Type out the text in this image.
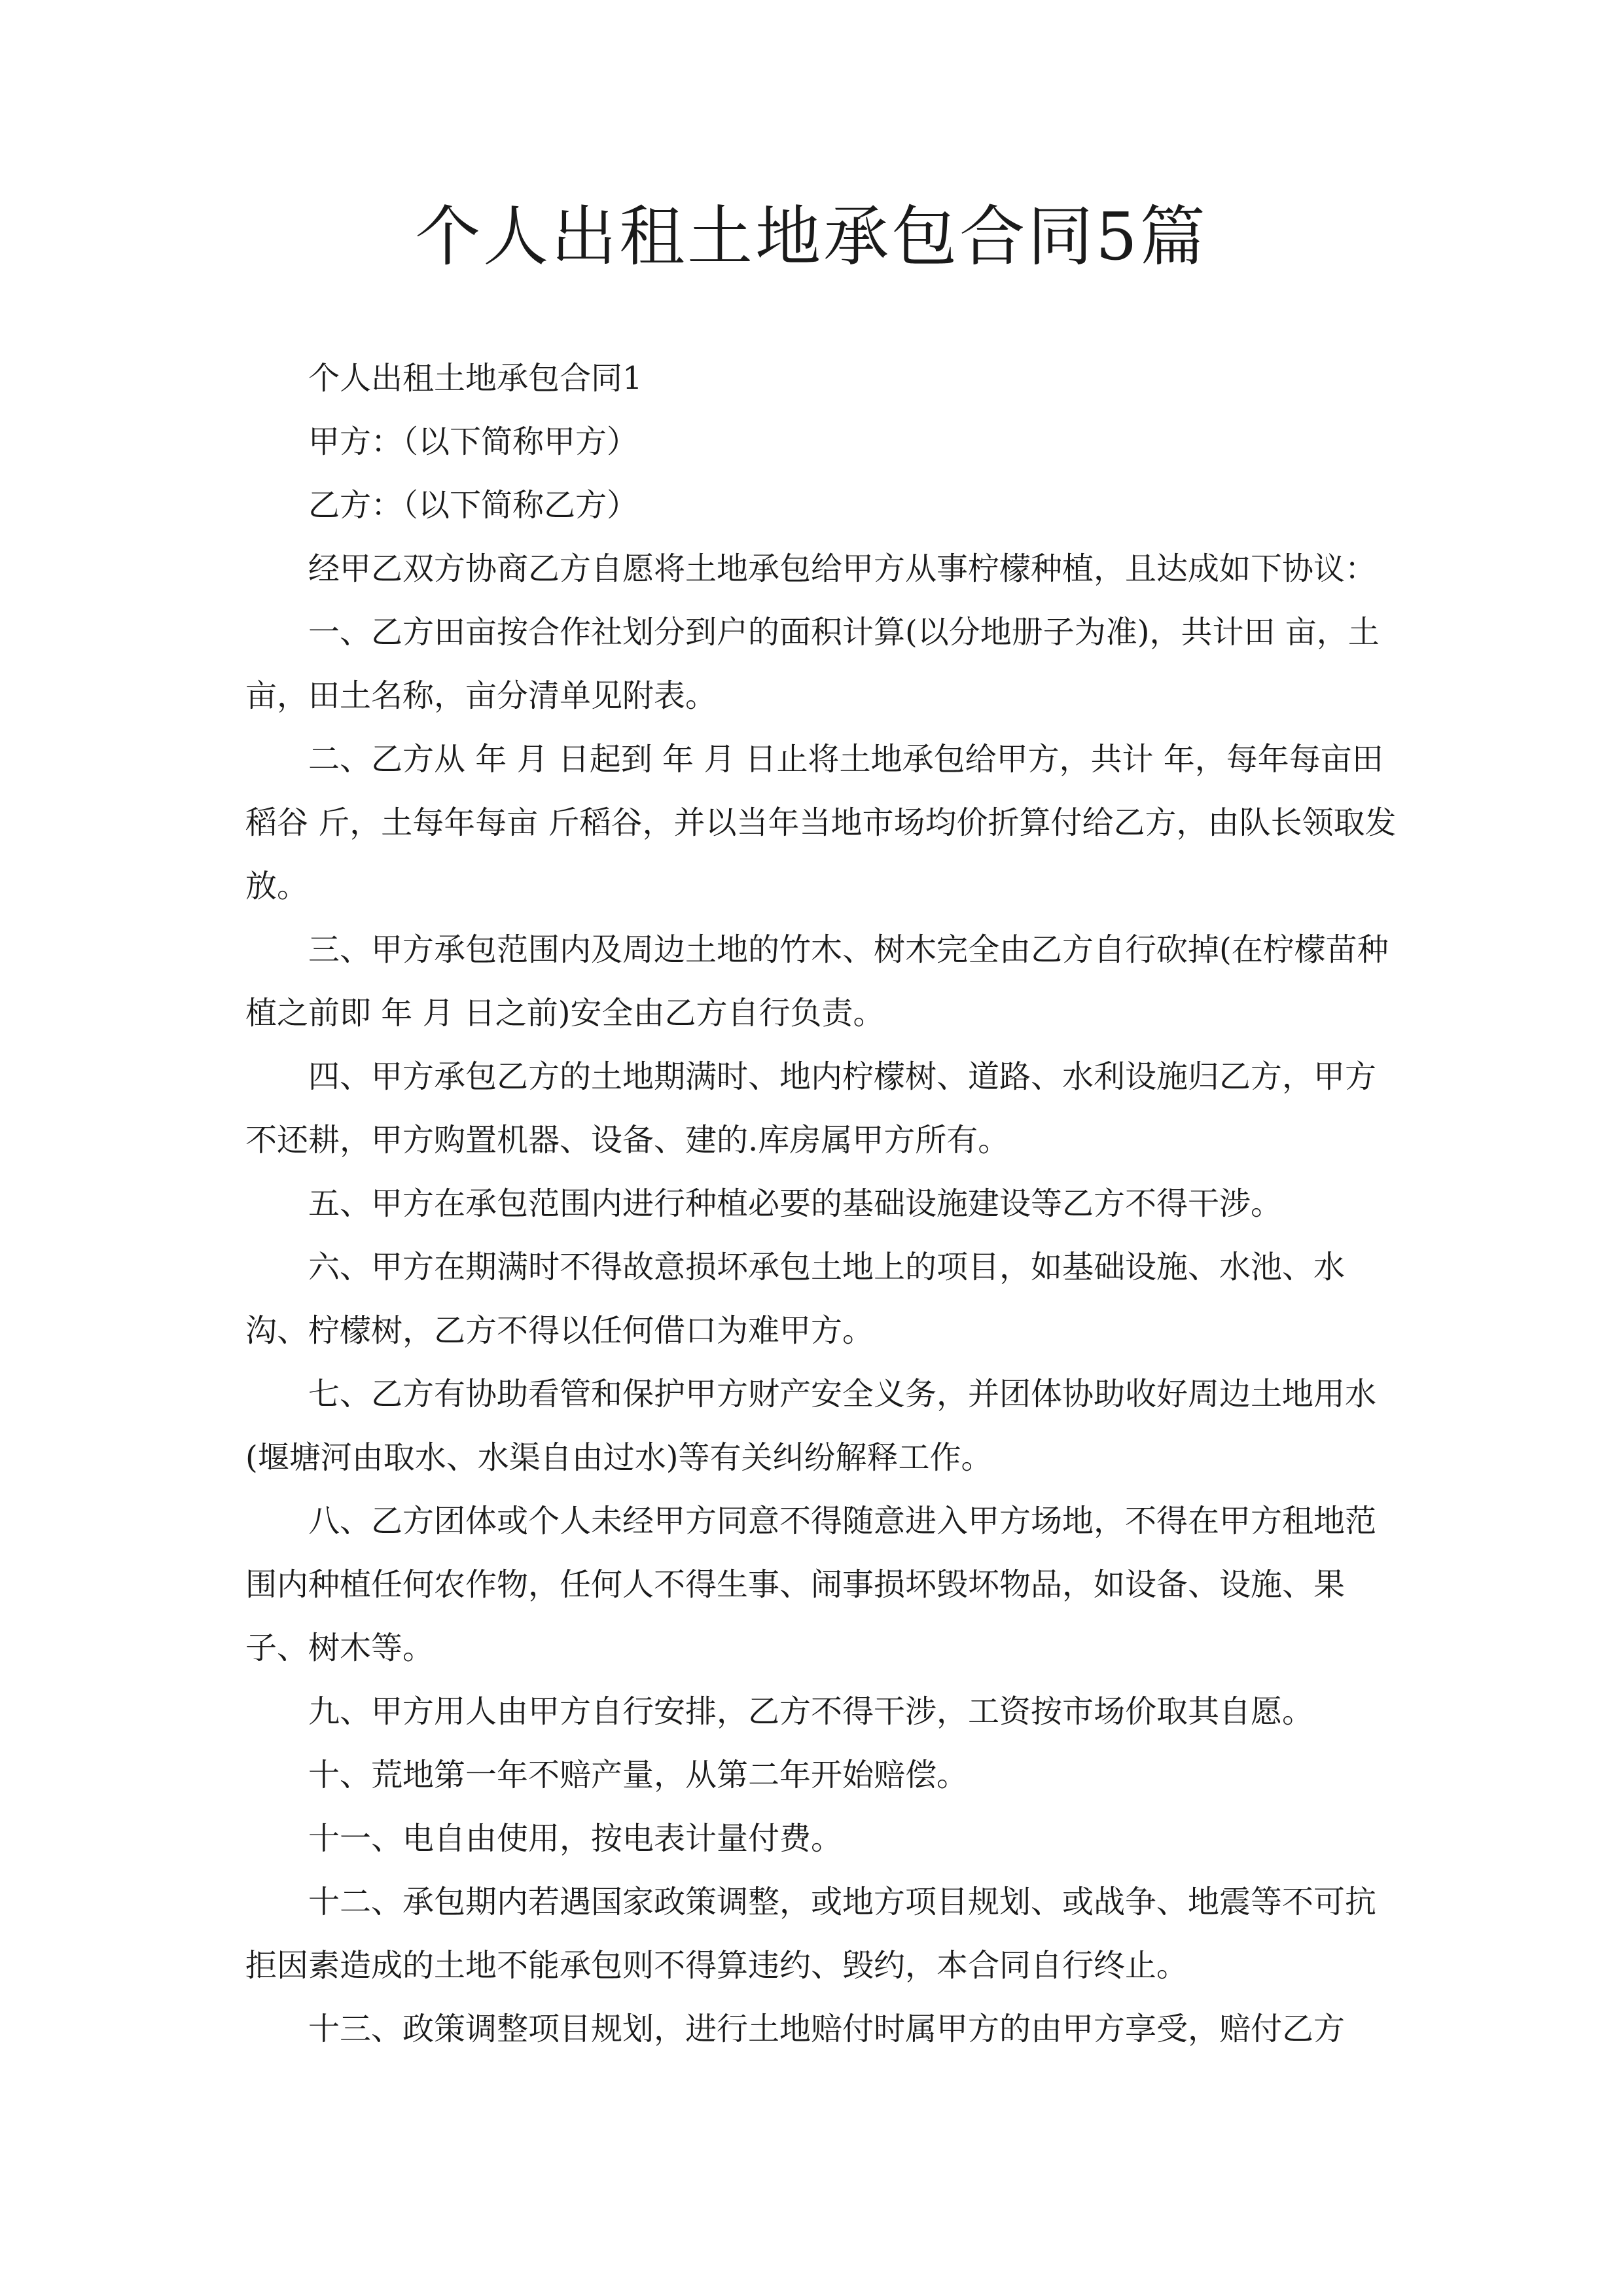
个人出租土地承包合同5篇

个人出租土地承包合同1

甲方：（以下简称甲方）

乙方：（以下简称乙方）

经甲乙双方协商乙方自愿将土地承包给甲方从事柠檬种植，且达成如下协议：

一、乙方田亩按合作社划分到户的面积计算(以分地册子为准)，共计田 亩，土 亩，田土名称，亩分清单见附表。

二、乙方从 年 月 日起到 年 月 日止将土地承包给甲方，共计 年，每年每亩田稻谷 斤，土每年每亩 斤稻谷，并以当年当地市场均价折算付给乙方，由队长领取发放。

三、甲方承包范围内及周边土地的竹木、树木完全由乙方自行砍掉(在柠檬苗种植之前即 年 月 日之前)安全由乙方自行负责。

四、甲方承包乙方的土地期满时、地内柠檬树、道路、水利设施归乙方，甲方不还耕，甲方购置机器、设备、建的.库房属甲方所有。

五、甲方在承包范围内进行种植必要的基础设施建设等乙方不得干涉。

六、甲方在期满时不得故意损坏承包土地上的项目，如基础设施、水池、水沟、柠檬树，乙方不得以任何借口为难甲方。

七、乙方有协助看管和保护甲方财产安全义务，并团体协助收好周边土地用水(堰塘河由取水、水渠自由过水)等有关纠纷解释工作。

八、乙方团体或个人未经甲方同意不得随意进入甲方场地，不得在甲方租地范围内种植任何农作物，任何人不得生事、闹事损坏毁坏物品，如设备、设施、果子、树木等。

九、甲方用人由甲方自行安排，乙方不得干涉，工资按市场价取其自愿。

十、荒地第一年不赔产量，从第二年开始赔偿。

十一、电自由使用，按电表计量付费。

十二、承包期内若遇国家政策调整，或地方项目规划、或战争、地震等不可抗拒因素造成的土地不能承包则不得算违约、毁约，本合同自行终止。

十三、政策调整项目规划，进行土地赔付时属甲方的由甲方享受，赔付乙方
